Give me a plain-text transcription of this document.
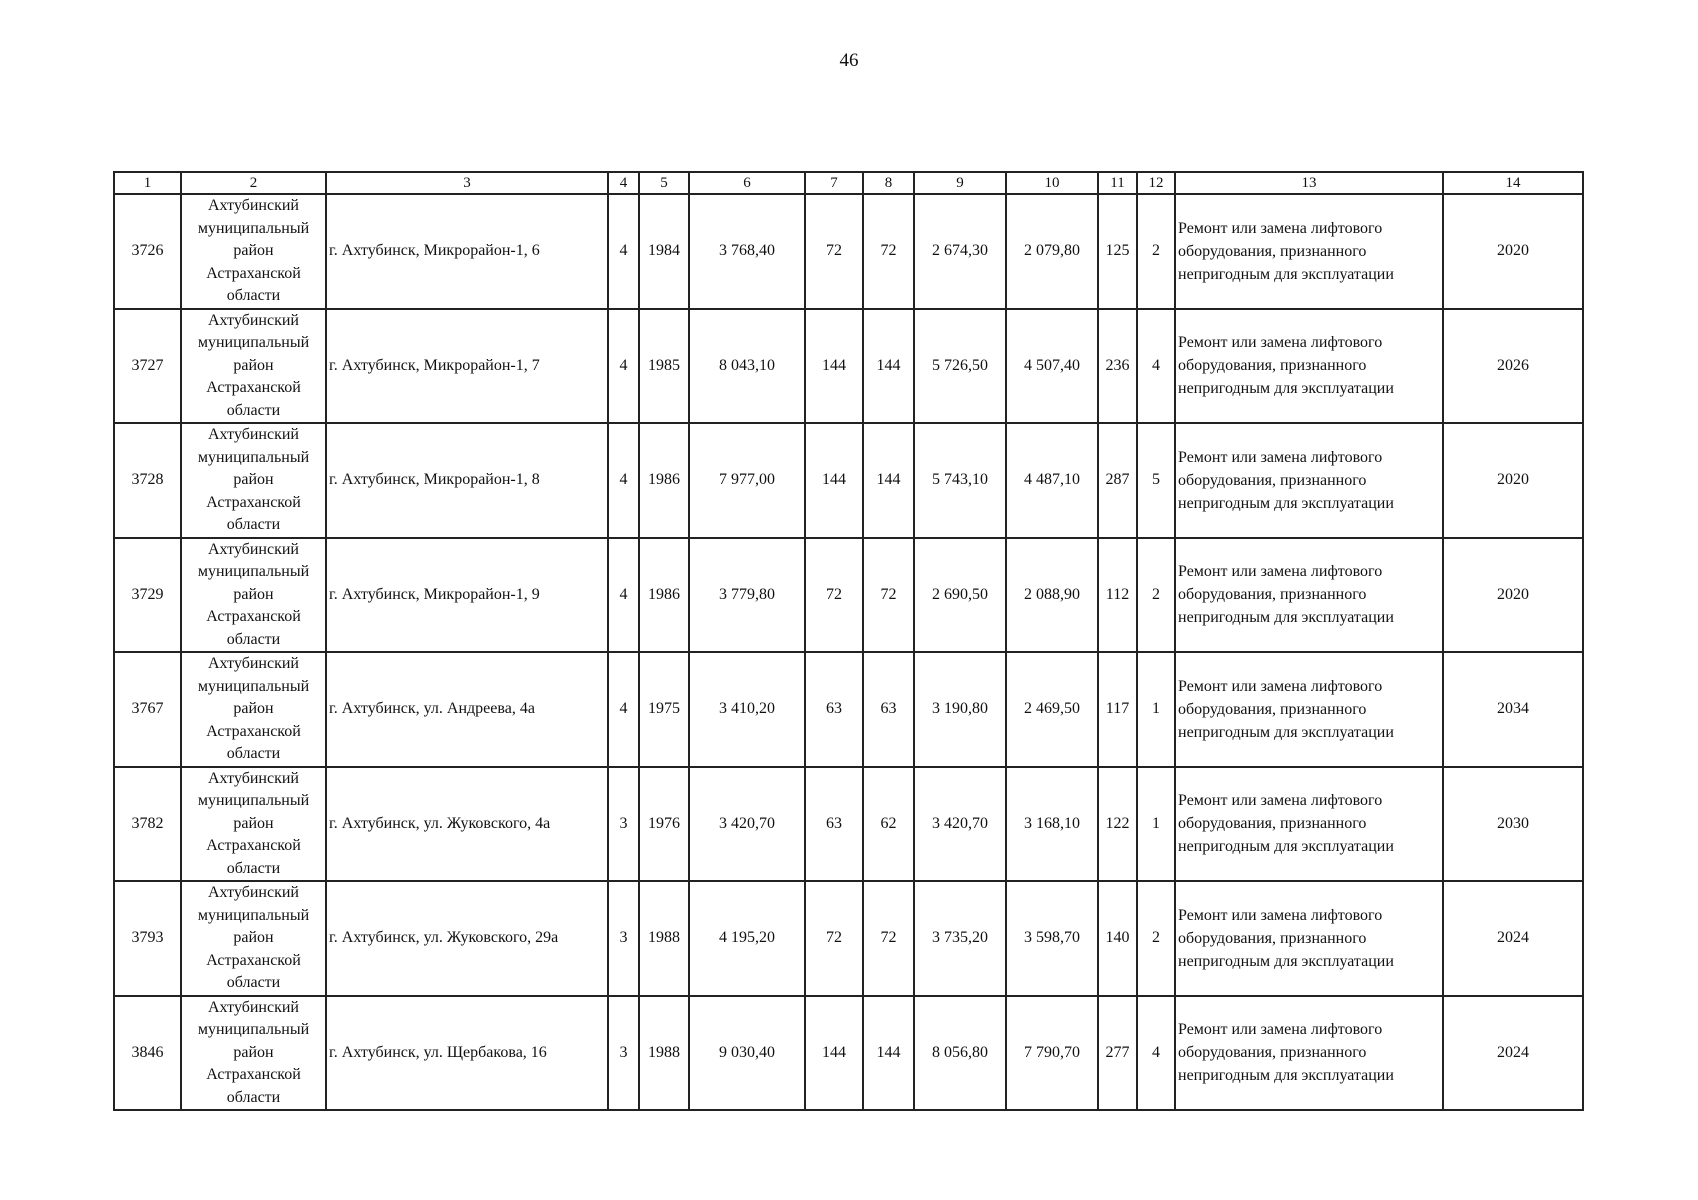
46
1	2	3	4	5	6	7	8	9	10	11	12	13	14
3726	Ахтубинский
муниципальный
район
Астраханской
области	г. Ахтубинск, Микрорайон-1, 6	4	1984	3 768,40	72	72	2 674,30	2 079,80	125	2	Ремонт или замена лифтового оборудования, признанного непригодным для эксплуатации	2020
3727	Ахтубинский
муниципальный
район
Астраханской
области	г. Ахтубинск, Микрорайон-1, 7	4	1985	8 043,10	144	144	5 726,50	4 507,40	236	4	Ремонт или замена лифтового оборудования, признанного непригодным для эксплуатации	2026
3728	Ахтубинский
муниципальный
район
Астраханской
области	г. Ахтубинск, Микрорайон-1, 8	4	1986	7 977,00	144	144	5 743,10	4 487,10	287	5	Ремонт или замена лифтового оборудования, признанного непригодным для эксплуатации	2020
3729	Ахтубинский
муниципальный
район
Астраханской
области	г. Ахтубинск, Микрорайон-1, 9	4	1986	3 779,80	72	72	2 690,50	2 088,90	112	2	Ремонт или замена лифтового оборудования, признанного непригодным для эксплуатации	2020
3767	Ахтубинский
муниципальный
район
Астраханской
области	г. Ахтубинск, ул. Андреева, 4а	4	1975	3 410,20	63	63	3 190,80	2 469,50	117	1	Ремонт или замена лифтового оборудования, признанного непригодным для эксплуатации	2034
3782	Ахтубинский
муниципальный
район
Астраханской
области	г. Ахтубинск, ул. Жуковского, 4а	3	1976	3 420,70	63	62	3 420,70	3 168,10	122	1	Ремонт или замена лифтового оборудования, признанного непригодным для эксплуатации	2030
3793	Ахтубинский
муниципальный
район
Астраханской
области	г. Ахтубинск, ул. Жуковского, 29а	3	1988	4 195,20	72	72	3 735,20	3 598,70	140	2	Ремонт или замена лифтового оборудования, признанного непригодным для эксплуатации	2024
3846	Ахтубинский
муниципальный
район
Астраханской
области	г. Ахтубинск, ул. Щербакова, 16	3	1988	9 030,40	144	144	8 056,80	7 790,70	277	4	Ремонт или замена лифтового оборудования, признанного непригодным для эксплуатации	2024
